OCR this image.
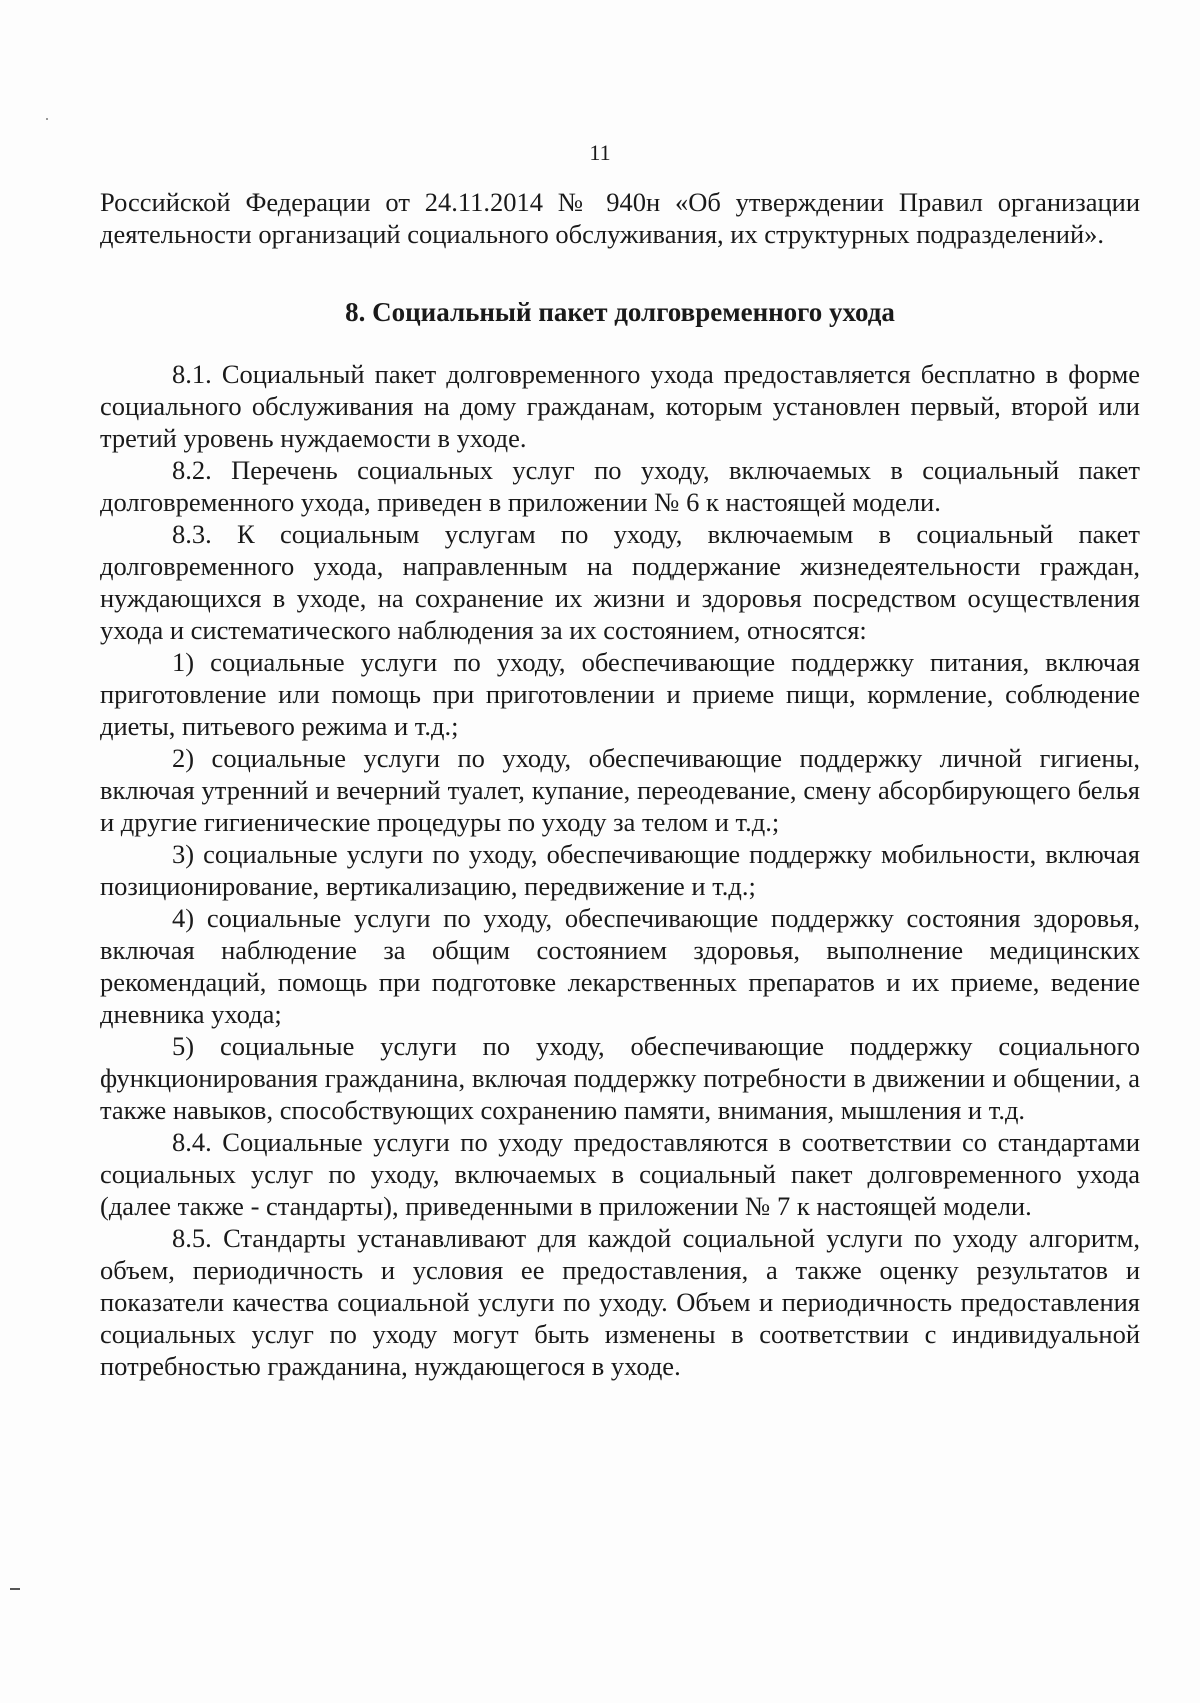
11

Российской Федерации от 24.11.2014 № 940н «Об утверждении Правил организации деятельности организаций социального обслуживания, их структурных подразделений».

8. Социальный пакет долговременного ухода

8.1. Социальный пакет долговременного ухода предоставляется бесплатно в форме социального обслуживания на дому гражданам, которым установлен первый, второй или третий уровень нуждаемости в уходе.

8.2. Перечень социальных услуг по уходу, включаемых в социальный пакет долговременного ухода, приведен в приложении № 6 к настоящей модели.

8.3. К социальным услугам по уходу, включаемым в социальный пакет долговременного ухода, направленным на поддержание жизнедеятельности граждан, нуждающихся в уходе, на сохранение их жизни и здоровья посредством осуществления ухода и систематического наблюдения за их состоянием, относятся:

1) социальные услуги по уходу, обеспечивающие поддержку питания, включая приготовление или помощь при приготовлении и приеме пищи, кормление, соблюдение диеты, питьевого режима и т.д.;

2) социальные услуги по уходу, обеспечивающие поддержку личной гигиены, включая утренний и вечерний туалет, купание, переодевание, смену абсорбирующего белья и другие гигиенические процедуры по уходу за телом и т.д.;

3) социальные услуги по уходу, обеспечивающие поддержку мобильности, включая позиционирование, вертикализацию, передвижение и т.д.;

4) социальные услуги по уходу, обеспечивающие поддержку состояния здоровья, включая наблюдение за общим состоянием здоровья, выполнение медицинских рекомендаций, помощь при подготовке лекарственных препаратов и их приеме, ведение дневника ухода;

5) социальные услуги по уходу, обеспечивающие поддержку социального функционирования гражданина, включая поддержку потребности в движении и общении, а также навыков, способствующих сохранению памяти, внимания, мышления и т.д.

8.4. Социальные услуги по уходу предоставляются в соответствии со стандартами социальных услуг по уходу, включаемых в социальный пакет долговременного ухода (далее также - стандарты), приведенными в приложении № 7 к настоящей модели.

8.5. Стандарты устанавливают для каждой социальной услуги по уходу алгоритм, объем, периодичность и условия ее предоставления, а также оценку результатов и показатели качества социальной услуги по уходу. Объем и периодичность предоставления социальных услуг по уходу могут быть изменены в соответствии с индивидуальной потребностью гражданина, нуждающегося в уходе.
